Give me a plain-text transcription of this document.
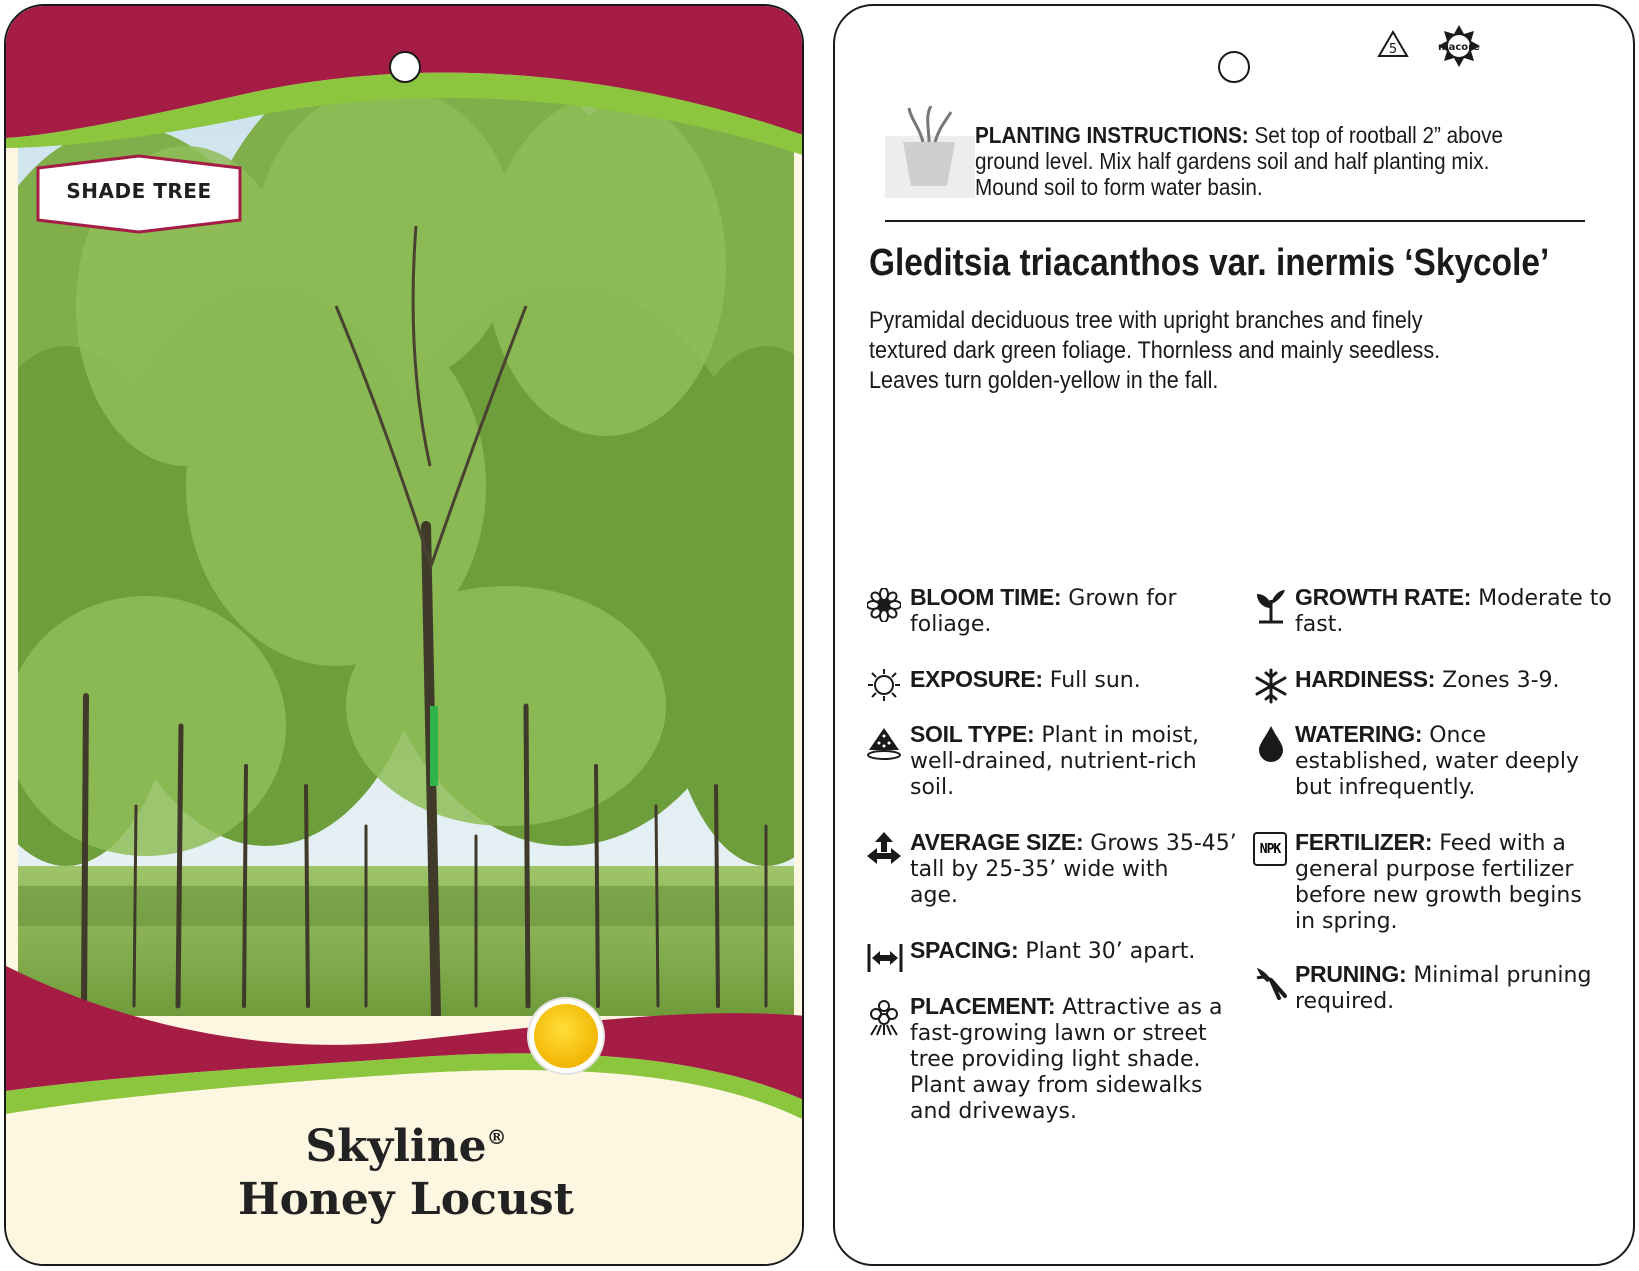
SHADE TREE
Skyline®
Honey Locust
5	macore
PLANTING INSTRUCTIONS: Set top of rootball 2” above
ground level. Mix half gardens soil and half planting mix.
Mound soil to form water basin.
Gleditsia triacanthos var. inermis ‘Skycole’
Pyramidal deciduous tree with upright branches and finely
textured dark green foliage. Thornless and mainly seedless.
Leaves turn golden-yellow in the fall.
BLOOM TIME: Grown for
foliage.
EXPOSURE: Full sun.
SOIL TYPE: Plant in moist,
well-drained, nutrient-rich
soil.
AVERAGE SIZE: Grows 35-45’
tall by 25-35’ wide with
age.
SPACING: Plant 30’ apart.
PLACEMENT: Attractive as a
fast-growing lawn or street
tree providing light shade.
Plant away from sidewalks
and driveways.
GROWTH RATE: Moderate to
fast.
HARDINESS: Zones 3-9.
WATERING: Once
established, water deeply
but infrequently.
NPK FERTILIZER: Feed with a
general purpose fertilizer
before new growth begins
in spring.
PRUNING: Minimal pruning
required.
